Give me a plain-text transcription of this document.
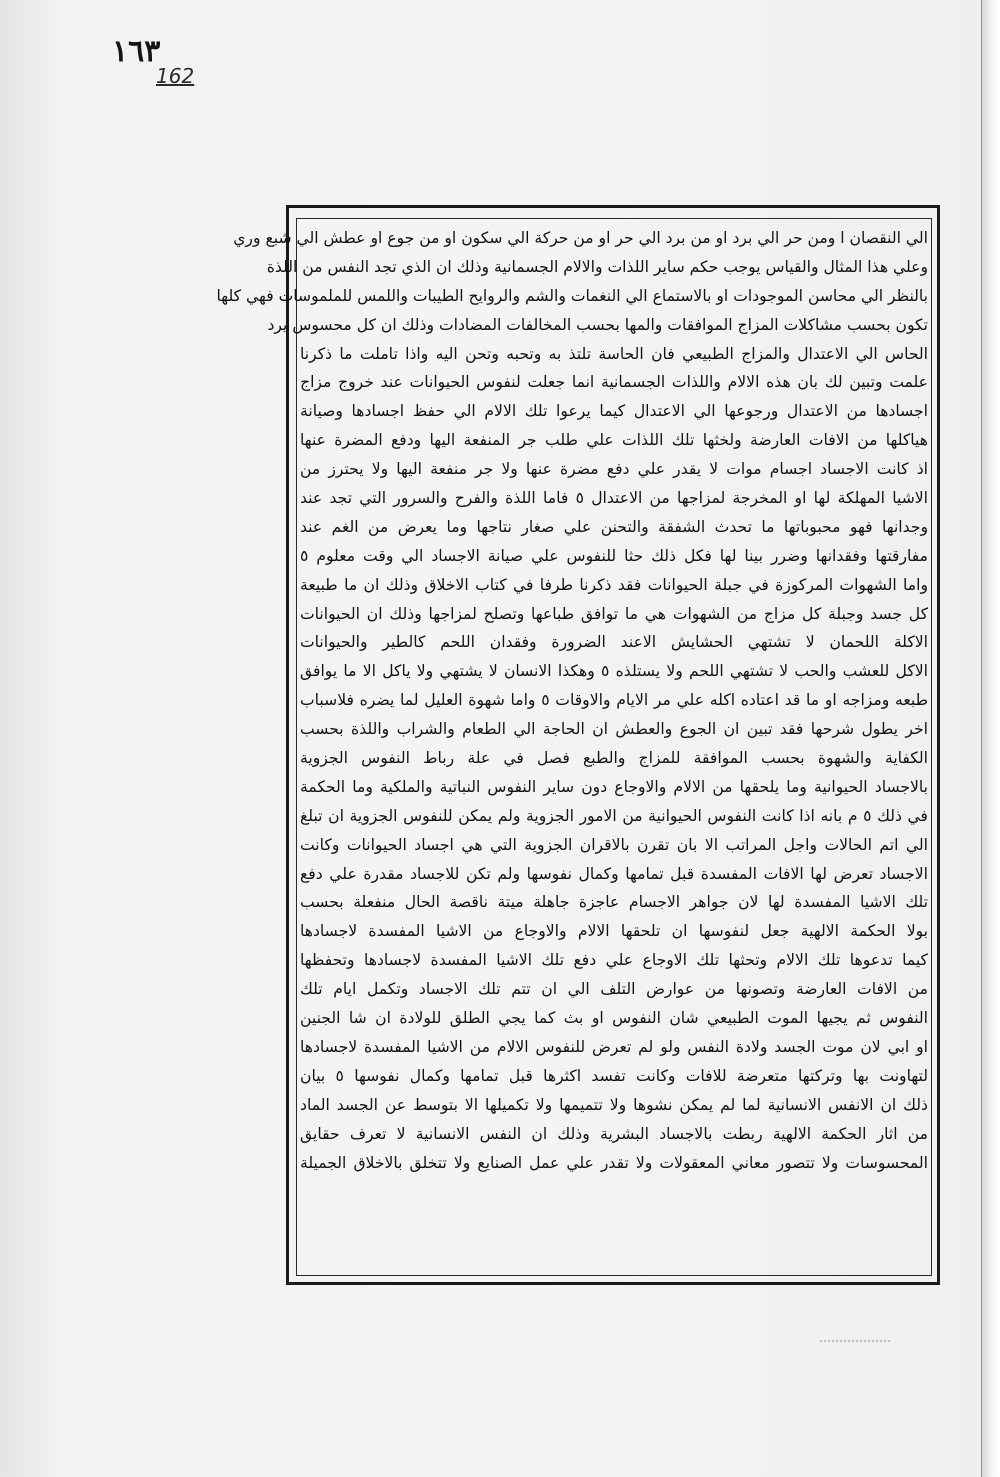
١٦٣
162
الي النقصان ا ومن حر الي برد او من برد الي حر او من حركة الي سكون او من جوع او عطش الي شبع وري
وعلي هذا المثال والقياس يوجب حكم ساير اللذات والالام الجسمانية وذلك ان الذي تجد النفس من اللذة
بالنظر الي محاسن الموجودات او بالاستماع الي النغمات والشم والروايح الطيبات واللمس للملموسات فهي كلها
تكون بحسب مشاكلات المزاج الموافقات والمها بحسب المخالفات المضادات وذلك ان كل محسوس يرد
الحاس الي الاعتدال والمزاج الطبيعي فان الحاسة تلتذ به وتحبه وتحن اليه واذا تاملت ما ذكرنا
علمت وتبين لك بان هذه الالام واللذات الجسمانية انما جعلت لنفوس الحيوانات عند خروج مزاج
اجسادها من الاعتدال ورجوعها الي الاعتدال كيما يرعوا تلك الالام الي حفظ اجسادها وصيانة
هياكلها من الافات العارضة ولخثها تلك اللذات علي طلب جر المنفعة اليها ودفع المضرة عنها
اذ كانت الاجساد اجسام موات لا يقدر علي دفع مضرة عنها ولا جر منفعة اليها ولا يحترز من
الاشيا المهلكة لها او المخرجة لمزاجها من الاعتدال ٥ فاما اللذة والفرح والسرور التي تجد عند
وجدانها فهو محبوباتها ما تحدث الشفقة والتحنن علي صغار نتاجها وما يعرض من الغم عند
مفارقتها وفقدانها وضرر بينا لها فكل ذلك حثا للنفوس علي صيانة الاجساد الي وقت معلوم ٥
واما الشهوات المركوزة في جبلة الحيوانات فقد ذكرنا طرفا في كتاب الاخلاق وذلك ان ما طبيعة
كل جسد وجبلة كل مزاج من الشهوات هي ما توافق طباعها وتصلح لمزاجها وذلك ان الحيوانات
الاكلة اللحمان لا تشتهي الحشايش الاعند الضرورة وفقدان اللحم كالطير والحيوانات
الاكل للعشب والحب لا تشتهي اللحم ولا يستلذه ٥ وهكذا الانسان لا يشتهي ولا ياكل الا ما يوافق
طبعه ومزاجه او ما قد اعتاده اكله علي مر الايام والاوقات ٥ واما شهوة العليل لما يضره فلاسباب
اخر يطول شرحها فقد تبين ان الجوع والعطش ان الحاجة الي الطعام والشراب واللذة بحسب
الكفاية والشهوة بحسب الموافقة للمزاج والطبع فصل في علة رباط النفوس الجزوية
بالاجساد الحيوانية وما يلحقها من الالام والاوجاع دون ساير النفوس النباتية والملكية وما الحكمة
في ذلك ٥ م بانه اذا كانت النفوس الحيوانية من الامور الجزوية ولم يمكن للنفوس الجزوية ان تبلغ
الي اتم الحالات واجل المراتب الا بان تقرن بالاقران الجزوية التي هي اجساد الحيوانات وكانت
الاجساد تعرض لها الافات المفسدة قبل تمامها وكمال نفوسها ولم تكن للاجساد مقدرة علي دفع
تلك الاشيا المفسدة لها لان جواهر الاجسام عاجزة جاهلة ميتة ناقصة الحال منفعلة بحسب
بولا الحكمة الالهية جعل لنفوسها ان تلحقها الالام والاوجاع من الاشيا المفسدة لاجسادها
كيما تدعوها تلك الالام وتحثها تلك الاوجاع علي دفع تلك الاشيا المفسدة لاجسادها وتحفظها
من الافات العارضة وتصونها من عوارض التلف الي ان تتم تلك الاجساد وتكمل ايام تلك
النفوس ثم يجيها الموت الطبيعي شان النفوس او بث كما يجي الطلق للولادة ان شا الجنين
او ابي لان موت الجسد ولادة النفس ولو لم تعرض للنفوس الالام من الاشيا المفسدة لاجسادها
لتهاونت بها وتركتها متعرضة للافات وكانت تفسد اكثرها قبل تمامها وكمال نفوسها ٥ بيان
ذلك ان الانفس الانسانية لما لم يمكن نشوها ولا تتميمها ولا تكميلها الا بتوسط عن الجسد الماد
من اثار الحكمة الالهية ربطت بالاجساد البشرية وذلك ان النفس الانسانية لا تعرف حقايق
المحسوسات ولا تتصور معاني المعقولات ولا تقدر علي عمل الصنايع ولا تتخلق بالاخلاق الجميلة
